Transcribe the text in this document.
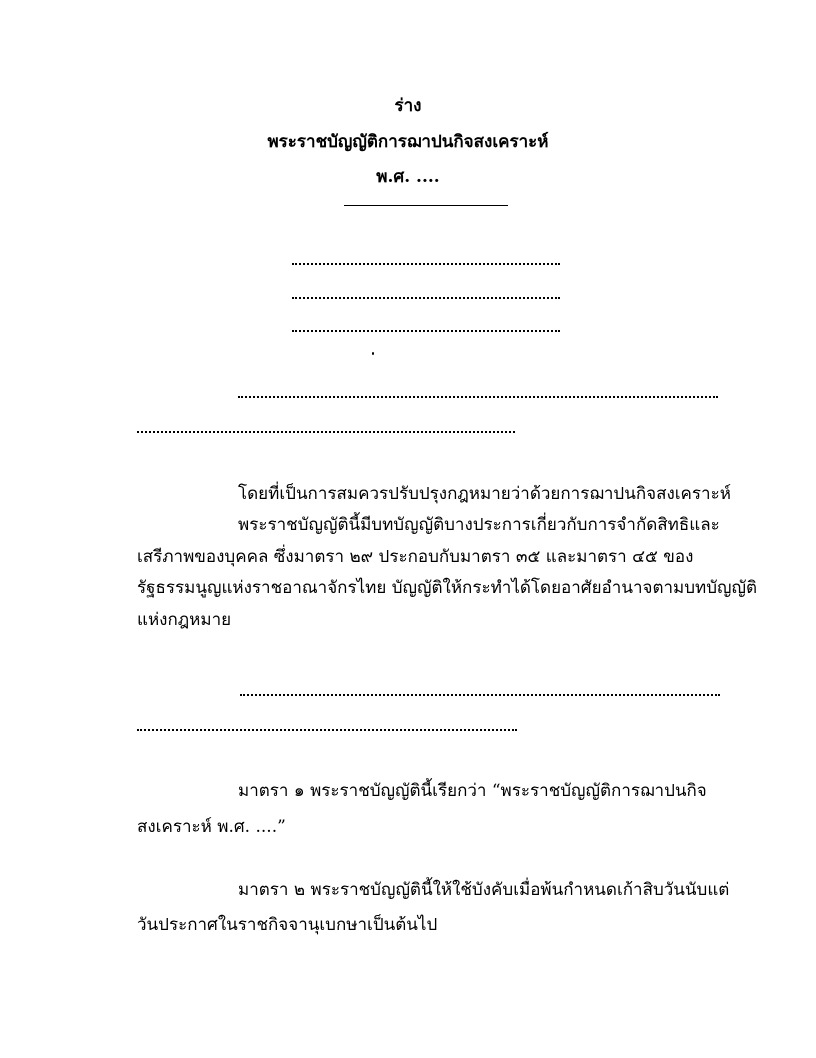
ร่าง
พระราชบัญญัติการฌาปนกิจสงเคราะห์
พ.ศ. ....
โดยที่เป็นการสมควรปรับปรุงกฎหมายว่าด้วยการฌาปนกิจสงเคราะห์
พระราชบัญญัตินี้มีบทบัญญัติบางประการเกี่ยวกับการจำกัดสิทธิและ
เสรีภาพของบุคคล ซึ่งมาตรา ๒๙ ประกอบกับมาตรา ๓๕ และมาตรา ๔๕ ของ
รัฐธรรมนูญแห่งราชอาณาจักรไทย บัญญัติให้กระทำได้โดยอาศัยอำนาจตามบทบัญญัติ
แห่งกฎหมาย
มาตรา ๑ พระราชบัญญัตินี้เรียกว่า “พระราชบัญญัติการฌาปนกิจ
สงเคราะห์ พ.ศ. ....”
มาตรา ๒ พระราชบัญญัตินี้ให้ใช้บังคับเมื่อพ้นกำหนดเก้าสิบวันนับแต่
วันประกาศในราชกิจจานุเบกษาเป็นต้นไป
